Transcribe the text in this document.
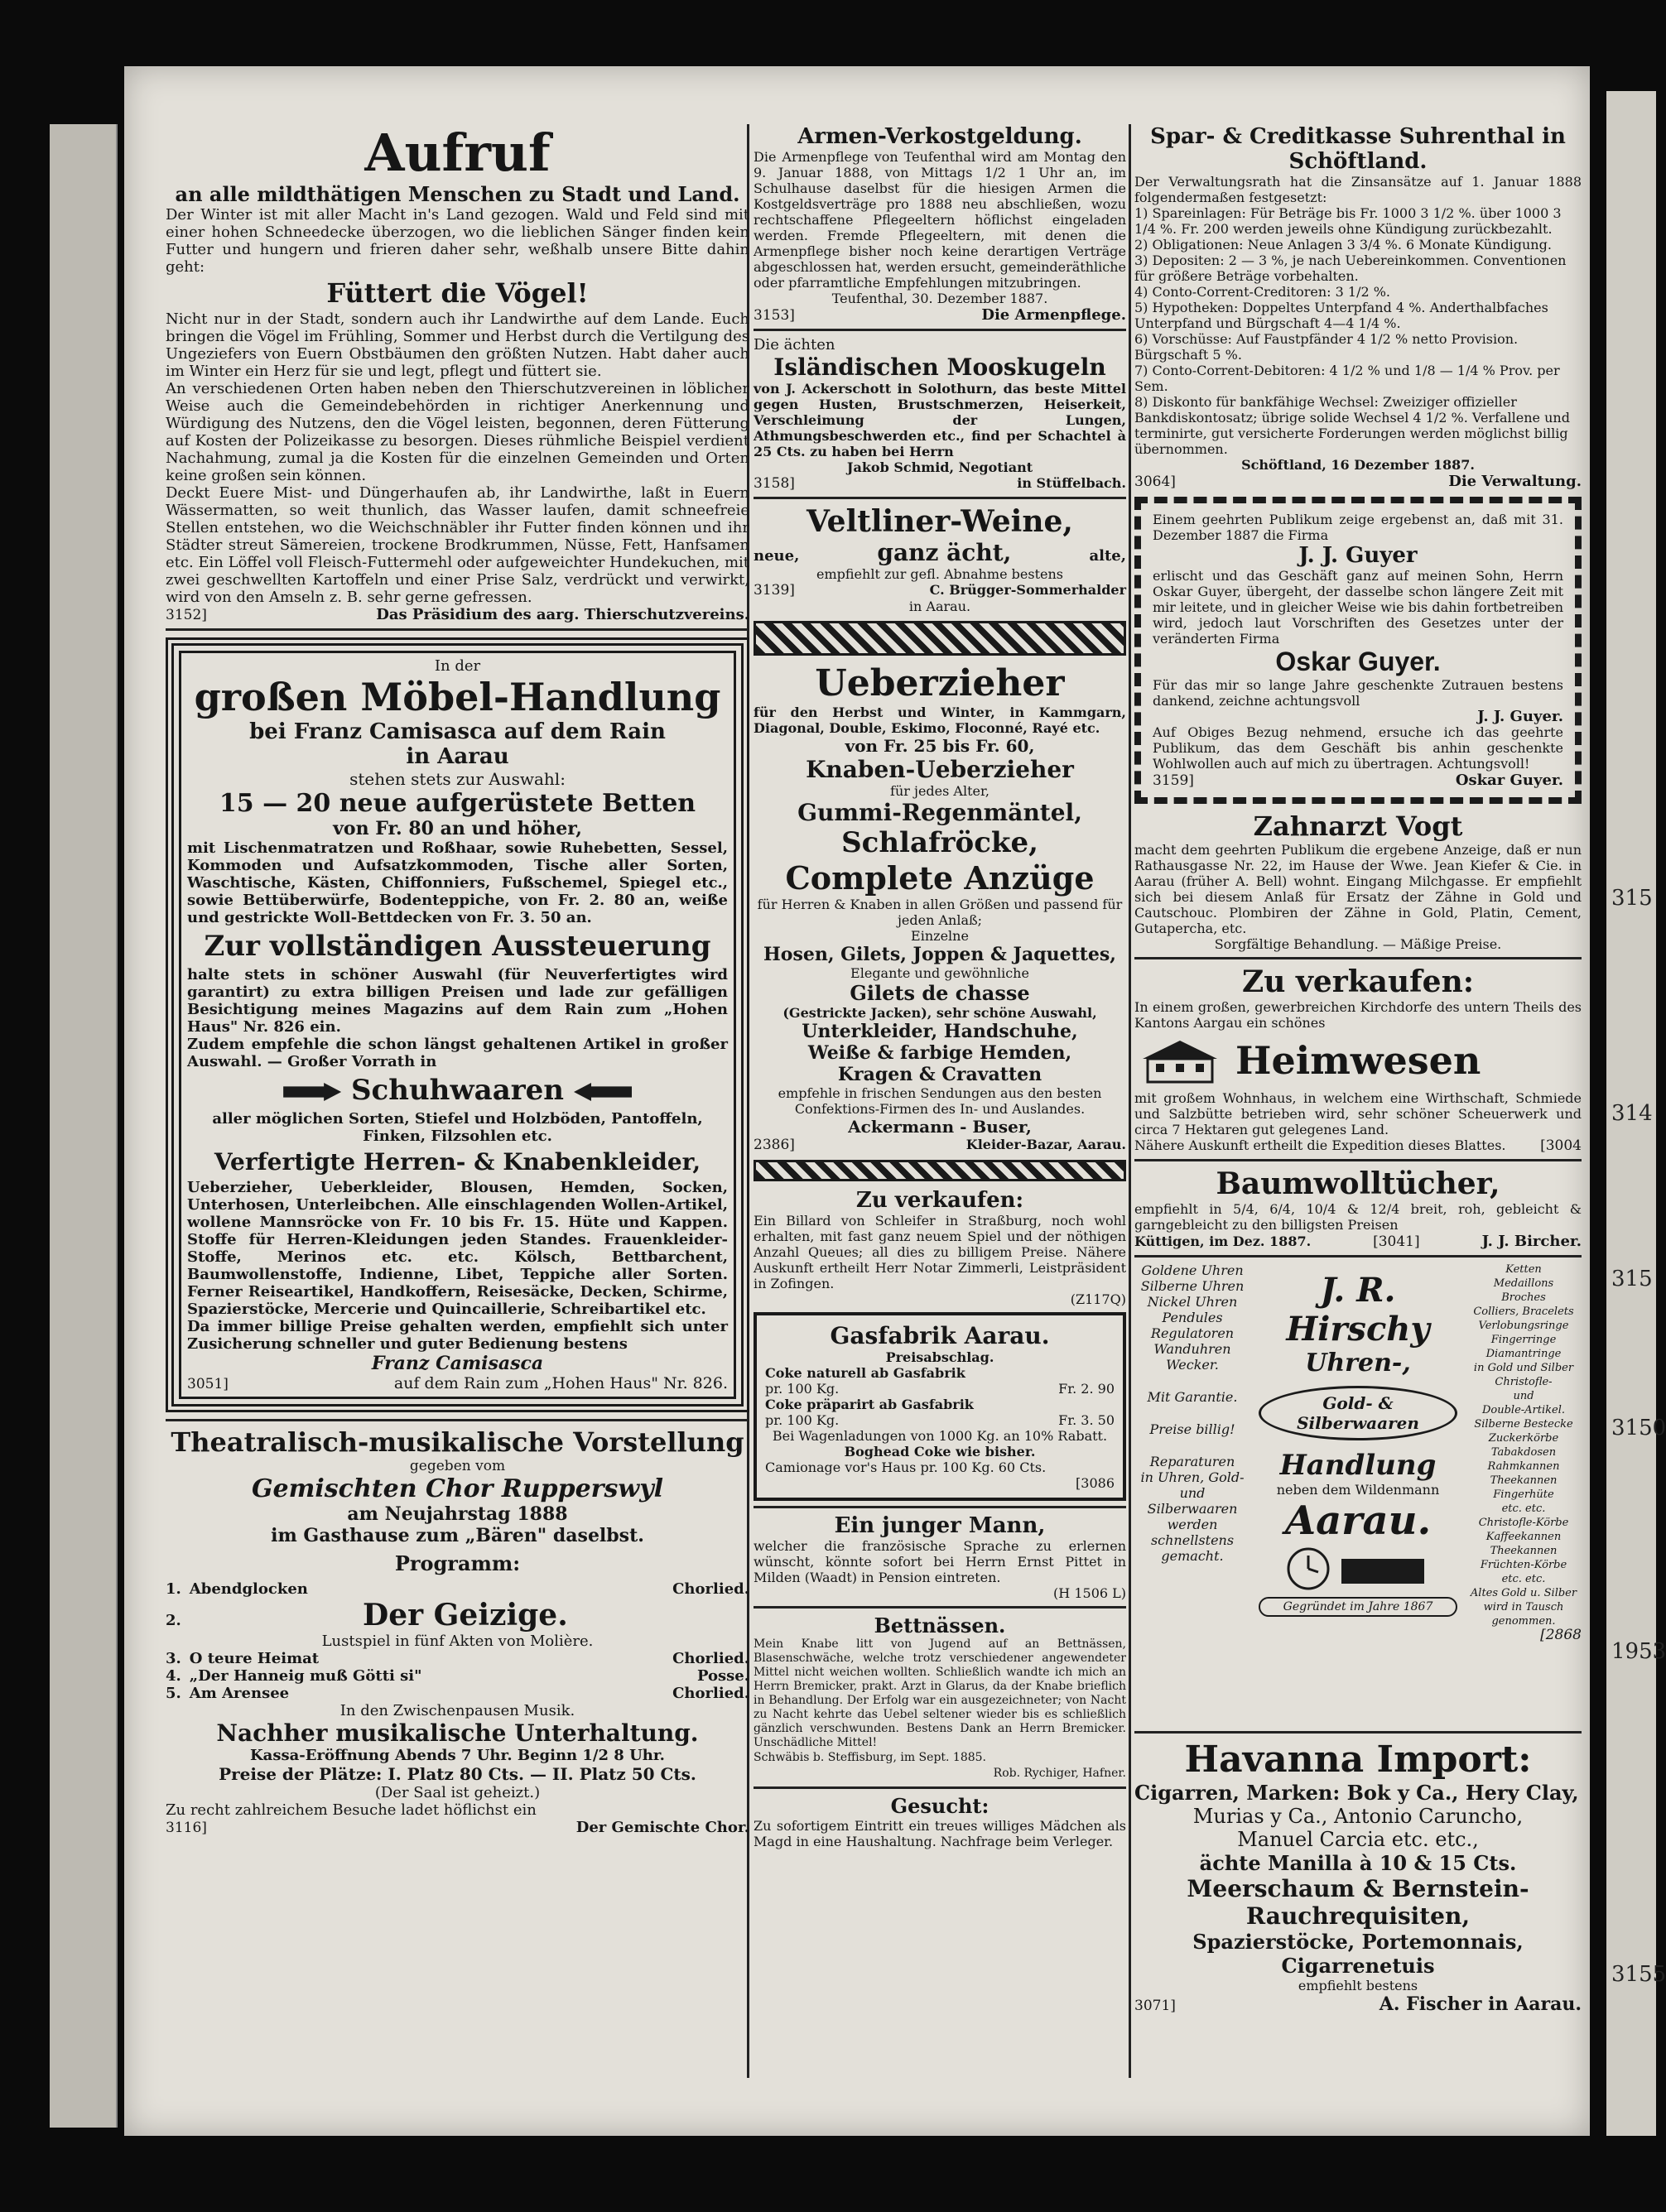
315
314
315
3150
1953
3155
Aufruf
an alle mildthätigen Menschen zu Stadt und Land.
Der Winter ist mit aller Macht in's Land gezogen. Wald und Feld sind mit einer hohen Schneedecke überzogen, wo die lieblichen Sänger finden kein Futter und hungern und frieren daher sehr, weßhalb unsere Bitte dahin geht:
Füttert die Vögel!
Nicht nur in der Stadt, sondern auch ihr Landwirthe auf dem Lande. Euch bringen die Vögel im Frühling, Sommer und Herbst durch die Vertilgung des Ungeziefers von Euern Obstbäumen den größten Nutzen. Habt daher auch im Winter ein Herz für sie und legt, pflegt und füttert sie.
An verschiedenen Orten haben neben den Thierschutzvereinen in löblicher Weise auch die Gemeindebehörden in richtiger Anerkennung und Würdigung des Nutzens, den die Vögel leisten, begonnen, deren Fütterung auf Kosten der Polizeikasse zu besorgen. Dieses rühmliche Beispiel verdient Nachahmung, zumal ja die Kosten für die einzelnen Gemeinden und Orten keine großen sein können.
Deckt Euere Mist- und Düngerhaufen ab, ihr Landwirthe, laßt in Euern Wässermatten, so weit thunlich, das Wasser laufen, damit schneefreie Stellen entstehen, wo die Weichschnäbler ihr Futter finden können und ihr Städter streut Sämereien, trockene Brodkrummen, Nüsse, Fett, Hanfsamen etc. Ein Löffel voll Fleisch-Futtermehl oder aufgeweichter Hundekuchen, mit zwei geschwellten Kartoffeln und einer Prise Salz, verdrückt und verwirkt, wird von den Amseln z. B. sehr gerne gefressen.
3152]	Das Präsidium des aarg. Thierschutzvereins.
In der
großen Möbel-Handlung
bei Franz Camisasca auf dem Rain
in Aarau
stehen stets zur Auswahl:
15 — 20 neue aufgerüstete Betten
von Fr. 80 an und höher,
mit Lischenmatratzen und Roßhaar, sowie Ruhebetten, Sessel, Kommoden und Aufsatzkommoden, Tische aller Sorten, Waschtische, Kästen, Chiffonniers, Fußschemel, Spiegel etc., sowie Bettüberwürfe, Bodenteppiche, von Fr. 2. 80 an, weiße und gestrickte Woll-Bettdecken von Fr. 3. 50 an.
Zur vollständigen Aussteuerung
halte stets in schöner Auswahl (für Neuverfertigtes wird garantirt) zu extra billigen Preisen und lade zur gefälligen Besichtigung meines Magazins auf dem Rain zum „Hohen Haus" Nr. 826 ein.
Zudem empfehle die schon längst gehaltenen Artikel in großer Auswahl. — Großer Vorrath in
Schuhwaaren
aller möglichen Sorten, Stiefel und Holzböden, Pantoffeln, Finken, Filzsohlen etc.
Verfertigte Herren- & Knabenkleider,
Ueberzieher, Ueberkleider, Blousen, Hemden, Socken, Unterhosen, Unterleibchen. Alle einschlagenden Wollen-Artikel, wollene Mannsröcke von Fr. 10 bis Fr. 15. Hüte und Kappen. Stoffe für Herren-Kleidungen jeden Standes. Frauenkleider-Stoffe, Merinos etc. etc. Kölsch, Bettbarchent, Baumwollenstoffe, Indienne, Libet, Teppiche aller Sorten. Ferner Reiseartikel, Handkoffern, Reisesäcke, Decken, Schirme, Spazierstöcke, Mercerie und Quincaillerie, Schreibartikel etc.
Da immer billige Preise gehalten werden, empfiehlt sich unter Zusicherung schneller und guter Bedienung bestens
Franz Camisasca
3051]	auf dem Rain zum „Hohen Haus" Nr. 826.
Theatralisch-musikalische Vorstellung
gegeben vom
Gemischten Chor Rupperswyl
am Neujahrstag 1888
im Gasthause zum „Bären" daselbst.
Programm:
1. Abendglocken	Chorlied.
2.	Der Geizige.
Lustspiel in fünf Akten von Molière.
3. O teure Heimat	Chorlied.
4. „Der Hanneig muß Götti si"	Posse.
5. Am Arensee	Chorlied.
In den Zwischenpausen Musik.
Nachher musikalische Unterhaltung.
Kassa-Eröffnung Abends 7 Uhr. Beginn 1/2 8 Uhr.
Preise der Plätze: I. Platz 80 Cts. — II. Platz 50 Cts.
(Der Saal ist geheizt.)
Zu recht zahlreichem Besuche ladet höflichst ein
3116]	Der Gemischte Chor.
Armen-Verkostgeldung.
Die Armenpflege von Teufenthal wird am Montag den 9. Januar 1888, von Mittags 1/2 1 Uhr an, im Schulhause daselbst für die hiesigen Armen die Kostgeldsverträge pro 1888 neu abschließen, wozu rechtschaffene Pflegeeltern höflichst eingeladen werden. Fremde Pflegeeltern, mit denen die Armenpflege bisher noch keine derartigen Verträge abgeschlossen hat, werden ersucht, gemeinderäthliche oder pfarramtliche Empfehlungen mitzubringen.
Teufenthal, 30. Dezember 1887.
3153]	Die Armenpflege.
Die ächten
Isländischen Mooskugeln
von J. Ackerschott in Solothurn, das beste Mittel gegen Husten, Brustschmerzen, Heiserkeit, Verschleimung der Lungen, Athmungsbeschwerden etc., find per Schachtel à 25 Cts. zu haben bei Herrn
Jakob Schmid, Negotiant
3158]	in Stüffelbach.
Veltliner-Weine,
neue,	ganz ächt,	alte,
empfiehlt zur gefl. Abnahme bestens
3139]	C. Brügger-Sommerhalder
in Aarau.
Ueberzieher
für den Herbst und Winter, in Kammgarn, Diagonal, Double, Eskimo, Floconné, Rayé etc.
von Fr. 25 bis Fr. 60,
Knaben-Ueberzieher
für jedes Alter,
Gummi-Regenmäntel,
Schlafröcke,
Complete Anzüge
für Herren & Knaben in allen Größen und passend für jeden Anlaß;
Einzelne
Hosen, Gilets, Joppen & Jaquettes,
Elegante und gewöhnliche
Gilets de chasse
(Gestrickte Jacken), sehr schöne Auswahl,
Unterkleider, Handschuhe,
Weiße & farbige Hemden,
Kragen & Cravatten
empfehle in frischen Sendungen aus den besten Confektions-Firmen des In- und Auslandes.
Ackermann - Buser,
2386]	Kleider-Bazar, Aarau.
Zu verkaufen:
Ein Billard von Schleifer in Straßburg, noch wohl erhalten, mit fast ganz neuem Spiel und der nöthigen Anzahl Queues; all dies zu billigem Preise. Nähere Auskunft ertheilt Herr Notar Zimmerli, Leistpräsident in Zofingen.
(Z117Q)
Gasfabrik Aarau.
Preisabschlag.
Coke naturell ab Gasfabrik
pr. 100 Kg.	Fr. 2. 90
Coke präparirt ab Gasfabrik
pr. 100 Kg.	Fr. 3. 50
Bei Wagenladungen von 1000 Kg. an 10% Rabatt.
Boghead Coke wie bisher.
Camionage vor's Haus pr. 100 Kg. 60 Cts.
[3086
Ein junger Mann,
welcher die französische Sprache zu erlernen wünscht, könnte sofort bei Herrn Ernst Pittet in Milden (Waadt) in Pension eintreten.
(H 1506 L)
Bettnässen.
Mein Knabe litt von Jugend auf an Bettnässen, Blasenschwäche, welche trotz verschiedener angewendeter Mittel nicht weichen wollten. Schließlich wandte ich mich an Herrn Bremicker, prakt. Arzt in Glarus, da der Knabe brieflich in Behandlung. Der Erfolg war ein ausgezeichneter; von Nacht zu Nacht kehrte das Uebel seltener wieder bis es schließlich gänzlich verschwunden. Bestens Dank an Herrn Bremicker. Unschädliche Mittel!
Schwäbis b. Steffisburg, im Sept. 1885.
Rob. Rychiger, Hafner.
Gesucht:
Zu sofortigem Eintritt ein treues williges Mädchen als Magd in eine Haushaltung. Nachfrage beim Verleger.
Spar- & Creditkasse Suhrenthal in Schöftland.
Der Verwaltungsrath hat die Zinsansätze auf 1. Januar 1888 folgendermaßen festgesetzt:
1) Spareinlagen: Für Beträge bis Fr. 1000 3 1/2 %. über 1000 3 1/4 %. Fr. 200 werden jeweils ohne Kündigung zurückbezahlt.
2) Obligationen: Neue Anlagen 3 3/4 %. 6 Monate Kündigung.
3) Depositen: 2 — 3 %, je nach Uebereinkommen. Conventionen für größere Beträge vorbehalten.
4) Conto-Corrent-Creditoren: 3 1/2 %.
5) Hypotheken: Doppeltes Unterpfand 4 %. Anderthalbfaches Unterpfand und Bürgschaft 4—4 1/4 %.
6) Vorschüsse: Auf Faustpfänder 4 1/2 % netto Provision. Bürgschaft 5 %.
7) Conto-Corrent-Debitoren: 4 1/2 % und 1/8 — 1/4 % Prov. per Sem.
8) Diskonto für bankfähige Wechsel: Zweiziger offizieller Bankdiskontosatz; übrige solide Wechsel 4 1/2 %. Verfallene und terminirte, gut versicherte Forderungen werden möglichst billig übernommen.
Schöftland, 16 Dezember 1887.
3064]	Die Verwaltung.
Einem geehrten Publikum zeige ergebenst an, daß mit 31. Dezember 1887 die Firma
J. J. Guyer
erlischt und das Geschäft ganz auf meinen Sohn, Herrn Oskar Guyer, übergeht, der dasselbe schon längere Zeit mit mir leitete, und in gleicher Weise wie bis dahin fortbetreiben wird, jedoch laut Vorschriften des Gesetzes unter der veränderten Firma
Oskar Guyer.
Für das mir so lange Jahre geschenkte Zutrauen bestens dankend, zeichne achtungsvoll
J. J. Guyer.
Auf Obiges Bezug nehmend, ersuche ich das geehrte Publikum, das dem Geschäft bis anhin geschenkte Wohlwollen auch auf mich zu übertragen. Achtungsvoll!
3159]	Oskar Guyer.
Zahnarzt Vogt
macht dem geehrten Publikum die ergebene Anzeige, daß er nun Rathausgasse Nr. 22, im Hause der Wwe. Jean Kiefer & Cie. in Aarau (früher A. Bell) wohnt. Eingang Milchgasse. Er empfiehlt sich bei diesem Anlaß für Ersatz der Zähne in Gold und Cautschouc. Plombiren der Zähne in Gold, Platin, Cement, Gutapercha, etc.
Sorgfältige Behandlung. — Mäßige Preise.
Zu verkaufen:
In einem großen, gewerbreichen Kirchdorfe des untern Theils des Kantons Aargau ein schönes
Heimwesen
mit großem Wohnhaus, in welchem eine Wirthschaft, Schmiede und Salzbütte betrieben wird, sehr schöner Scheuerwerk und circa 7 Hektaren gut gelegenes Land.
Nähere Auskunft ertheilt die Expedition dieses Blattes. [3004
Baumwolltücher,
empfiehlt in 5/4, 6/4, 10/4 & 12/4 breit, roh, gebleicht & garngebleicht zu den billigsten Preisen
Küttigen, im Dez. 1887.	[3041]	J. J. Bircher.
Goldene Uhren
Silberne Uhren
Nickel Uhren
Pendules
Regulatoren
Wanduhren
Wecker.
Mit Garantie.
Preise billig!
Reparaturen
in Uhren, Gold-
und
Silberwaaren
werden
schnellstens
gemacht.
J. R. Hirschy
Uhren-,
Gold- & Silberwaaren
Handlung
neben dem Wildenmann
Aarau.
Gegründet im Jahre 1867
Ketten
Medaillons
Broches
Colliers, Bracelets
Verlobungsringe
Fingerringe
Diamantringe
in Gold und Silber
Christofle-
und
Double-Artikel.
Silberne Bestecke
Zuckerkörbe
Tabakdosen
Rahmkannen
Theekannen
Fingerhüte
etc. etc.
Christofle-Körbe
Kaffeekannen
Theekannen
Früchten-Körbe
etc. etc.
Altes Gold u. Silber
wird in Tausch
genommen.
[2868
Havanna Import:
Cigarren, Marken: Bok y Ca., Hery Clay,
Murias y Ca., Antonio Caruncho,
Manuel Carcia etc. etc.,
ächte Manilla à 10 & 15 Cts.
Meerschaum & Bernstein-Rauchrequisiten,
Spazierstöcke, Portemonnais, Cigarrenetuis
empfiehlt bestens
3071]	A. Fischer in Aarau.
